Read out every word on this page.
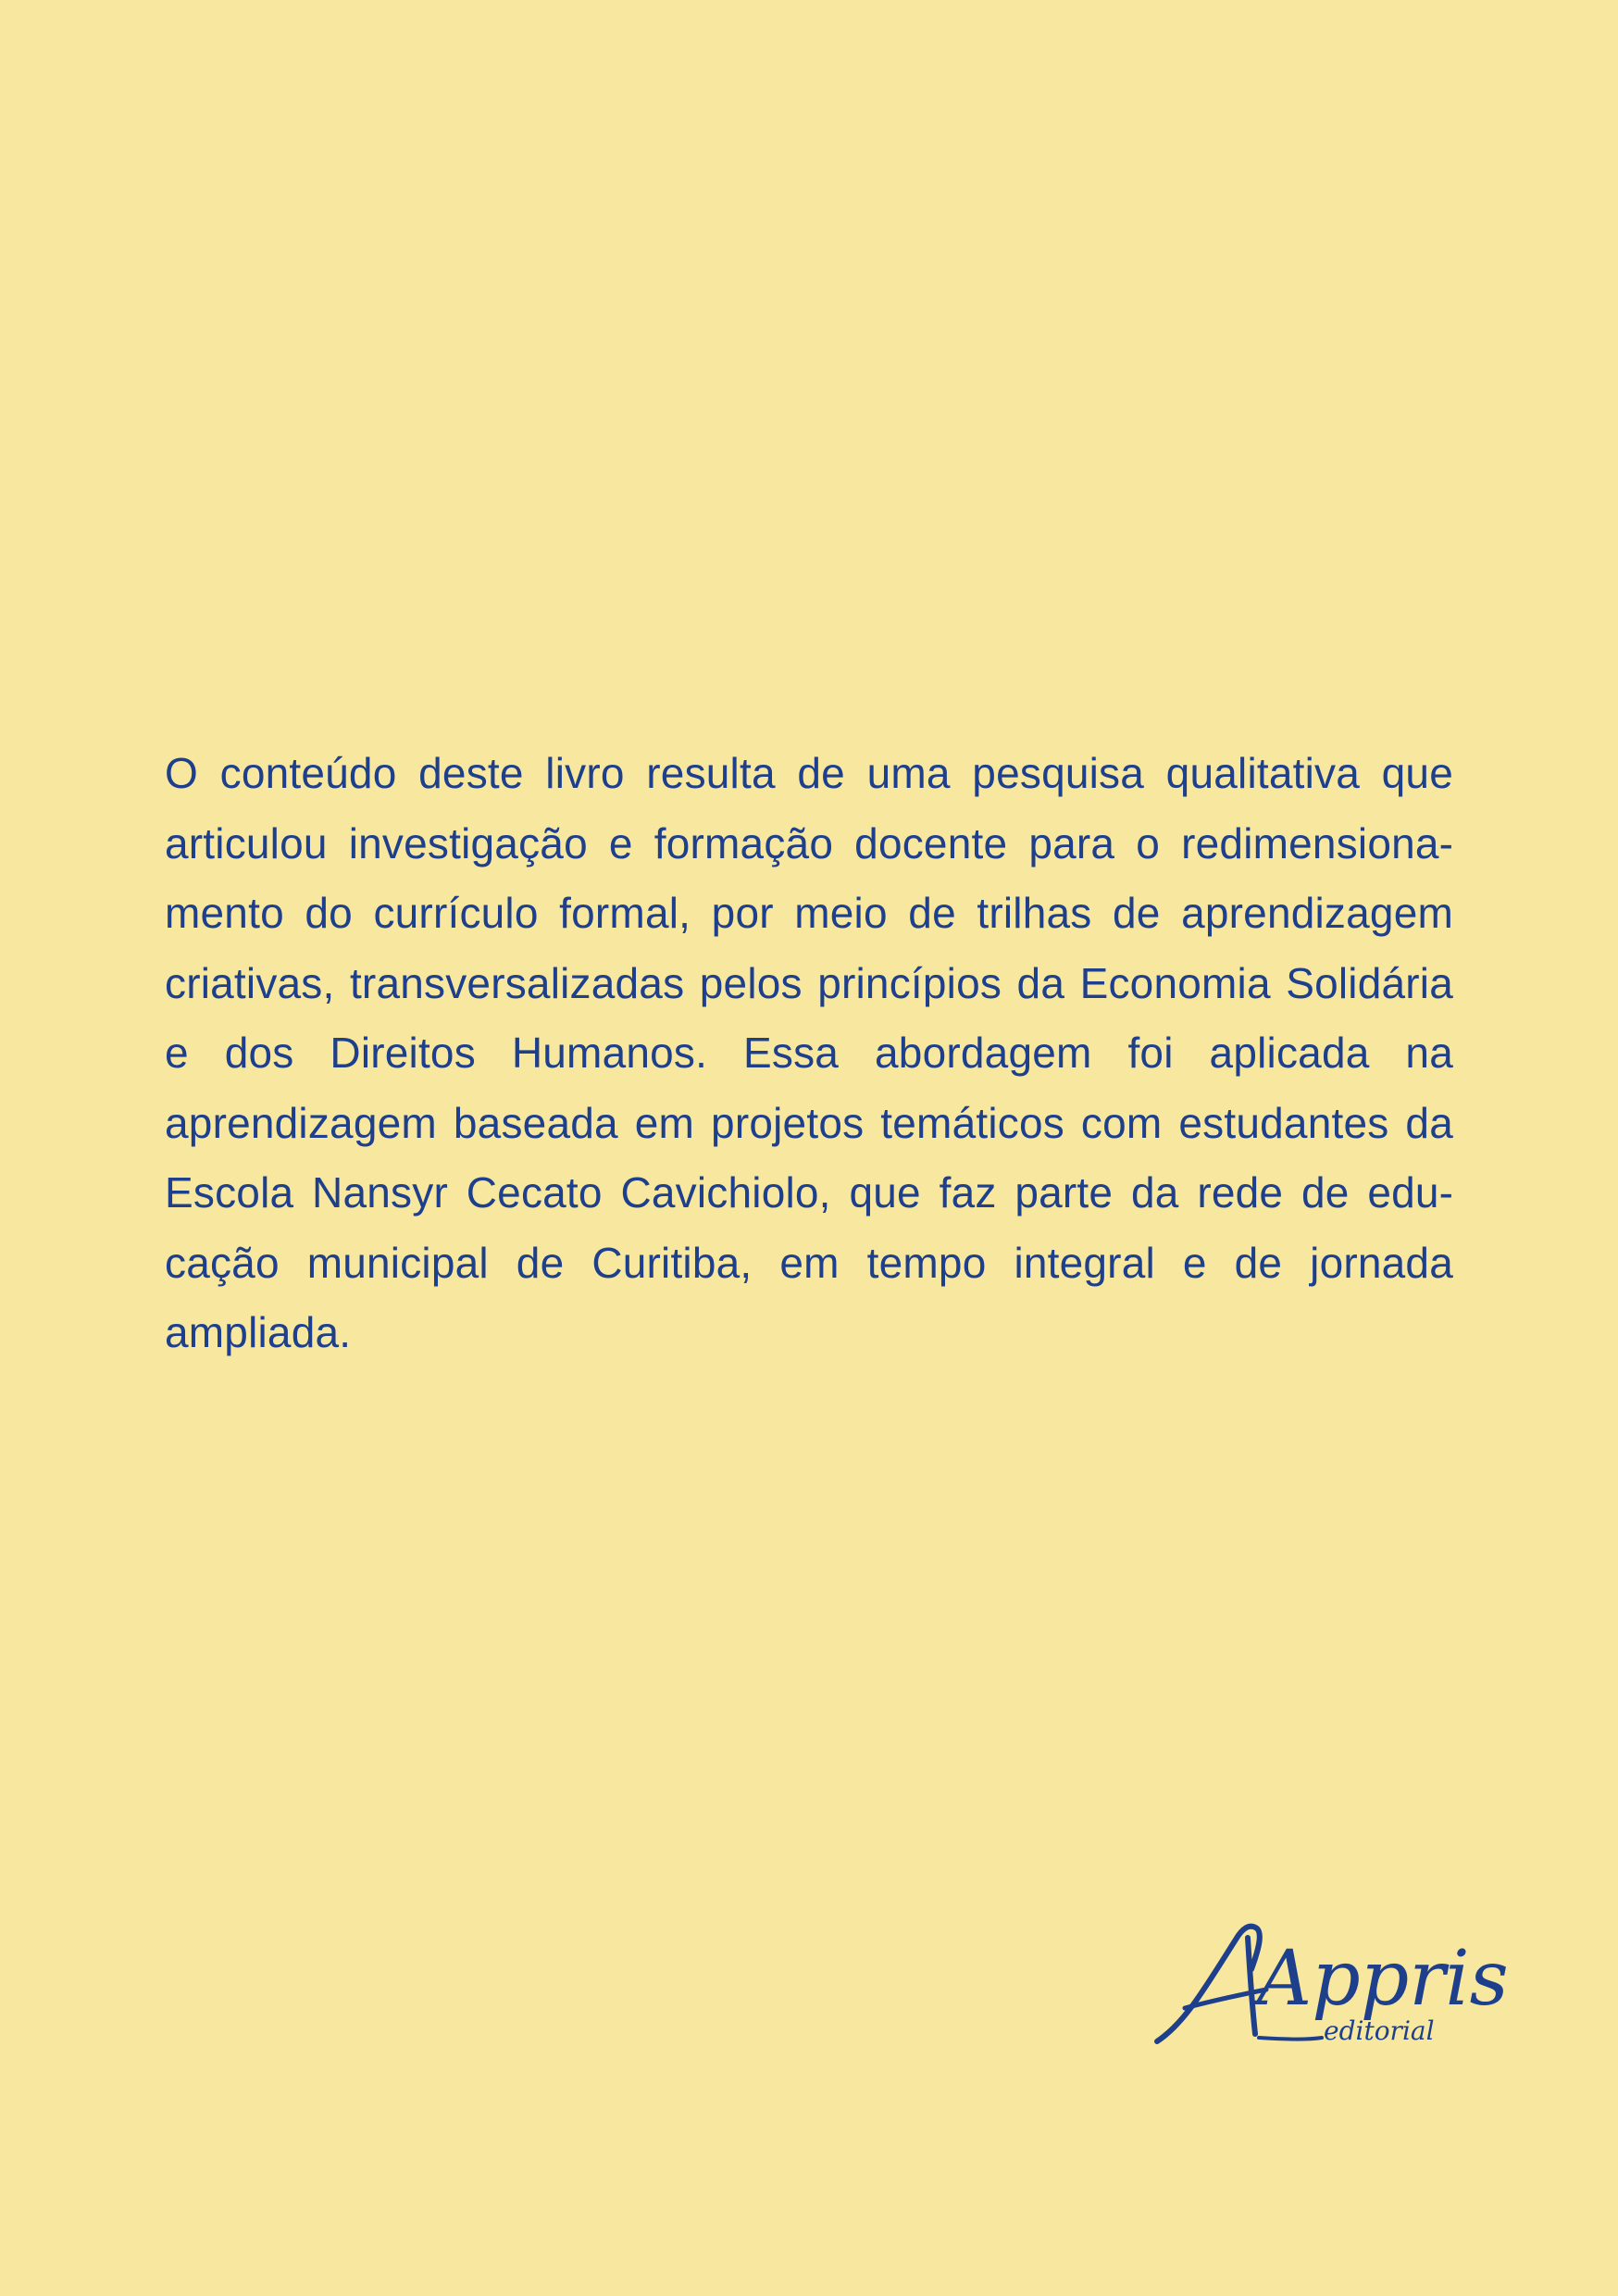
O conteúdo deste livro resulta de uma pesquisa qualitativa que articulou investigação e formação docente para o redimensionamento do currículo formal, por meio de trilhas de aprendizagem criativas, transversalizadas pelos princípios da Economia Solidária e dos Direitos Humanos. Essa abordagem foi aplicada na aprendizagem baseada em projetos temáticos com estudantes da Escola Nansyr Cecato Cavichiolo, que faz parte da rede de educação municipal de Curitiba, em tempo integral e de jornada ampliada.

Appris
editorial
